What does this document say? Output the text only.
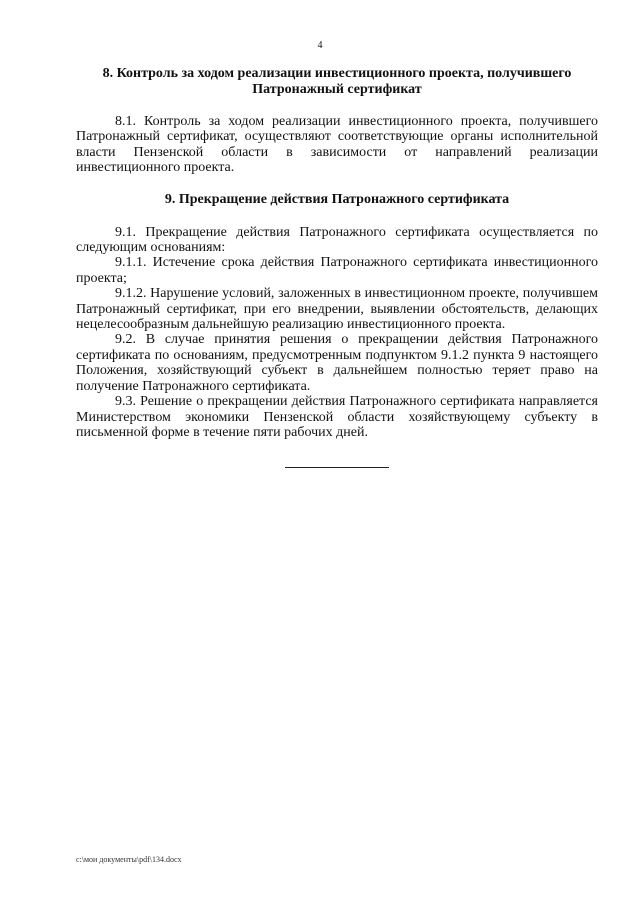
4

8. Контроль за ходом реализации инвестиционного проекта, получившего Патронажный сертификат

8.1. Контроль за ходом реализации инвестиционного проекта, получившего Патронажный сертификат, осуществляют соответствующие органы исполнительной власти Пензенской области в зависимости от направлений реализации инвестиционного проекта.

9. Прекращение действия Патронажного сертификата

9.1. Прекращение действия Патронажного сертификата осуществляется по следующим основаниям:

9.1.1. Истечение срока действия Патронажного сертификата инвестиционного проекта;

9.1.2. Нарушение условий, заложенных в инвестиционном проекте, получившем Патронажный сертификат, при его внедрении, выявлении обстоятельств, делающих нецелесообразным дальнейшую реализацию инвестиционного проекта.

9.2. В случае принятия решения о прекращении действия Патронажного сертификата по основаниям, предусмотренным подпунктом 9.1.2 пункта 9 настоящего Положения, хозяйствующий субъект в дальнейшем полностью теряет право на получение Патронажного сертификата.

9.3. Решение о прекращении действия Патронажного сертификата направляется Министерством экономики Пензенской области хозяйствующему субъекту в письменной форме в течение пяти рабочих дней.

c:\мои документы\pdf\134.docx
